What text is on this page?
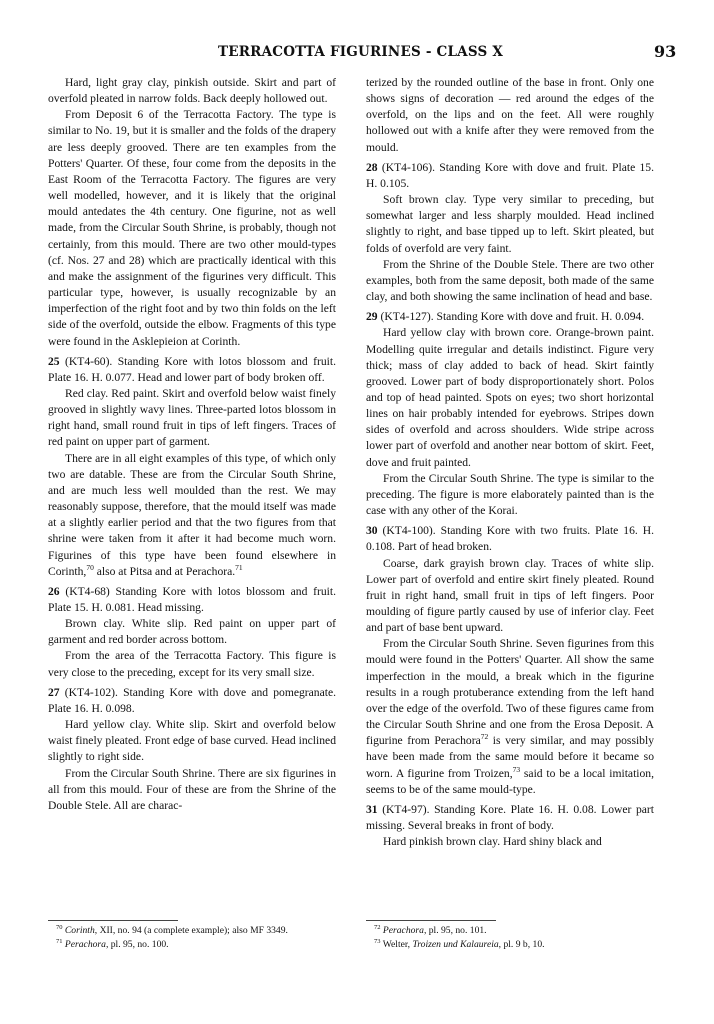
TERRACOTTA FIGURINES - CLASS X	93

Hard, light gray clay, pinkish outside. Skirt and part of overfold pleated in narrow folds. Back deeply hollowed out.

From Deposit 6 of the Terracotta Factory. The type is similar to No. 19, but it is smaller and the folds of the drapery are less deeply grooved. There are ten examples from the Potters' Quarter. Of these, four come from the deposits in the East Room of the Terracotta Factory. The figures are very well modelled, however, and it is likely that the original mould antedates the 4th century. One figurine, not as well made, from the Circular South Shrine, is probably, though not certainly, from this mould. There are two other mould-types (cf. Nos. 27 and 28) which are practically identical with this and make the assignment of the figurines very difficult. This particular type, however, is usually recognizable by an imperfection of the right foot and by two thin folds on the left side of the overfold, outside the elbow. Fragments of this type were found in the Asklepieion at Corinth.

25 (KT4-60). Standing Kore with lotos blossom and fruit. Plate 16. H. 0.077. Head and lower part of body broken off.

Red clay. Red paint. Skirt and overfold below waist finely grooved in slightly wavy lines. Three-parted lotos blossom in right hand, small round fruit in tips of left fingers. Traces of red paint on upper part of garment.

There are in all eight examples of this type, of which only two are datable. These are from the Circular South Shrine, and are much less well moulded than the rest. We may reasonably suppose, therefore, that the mould itself was made at a slightly earlier period and that the two figures from that shrine were taken from it after it had become much worn. Figurines of this type have been found elsewhere in Corinth,$^{70}$ also at Pitsa and at Perachora.$^{71}$

26 (KT4-68) Standing Kore with lotos blossom and fruit. Plate 15. H. 0.081. Head missing.

Brown clay. White slip. Red paint on upper part of garment and red border across bottom.

From the area of the Terracotta Factory. This figure is very close to the preceding, except for its very small size.

27 (KT4-102). Standing Kore with dove and pomegranate. Plate 16. H. 0.098.

Hard yellow clay. White slip. Skirt and overfold below waist finely pleated. Front edge of base curved. Head inclined slightly to right side.

From the Circular South Shrine. There are six figurines in all from this mould. Four of these are from the Shrine of the Double Stele. All are charac-

terized by the rounded outline of the base in front. Only one shows signs of decoration — red around the edges of the overfold, on the lips and on the feet. All were roughly hollowed out with a knife after they were removed from the mould.

28 (KT4-106). Standing Kore with dove and fruit. Plate 15. H. 0.105.

Soft brown clay. Type very similar to preceding, but somewhat larger and less sharply moulded. Head inclined slightly to right, and base tipped up to left. Skirt pleated, but folds of overfold are very faint.

From the Shrine of the Double Stele. There are two other examples, both from the same deposit, both made of the same clay, and both showing the same inclination of head and base.

29 (KT4-127). Standing Kore with dove and fruit. H. 0.094.

Hard yellow clay with brown core. Orange-brown paint. Modelling quite irregular and details indistinct. Figure very thick; mass of clay added to back of head. Skirt faintly grooved. Lower part of body disproportionately short. Polos and top of head painted. Spots on eyes; two short horizontal lines on hair probably intended for eyebrows. Stripes down sides of overfold and across shoulders. Wide stripe across lower part of overfold and another near bottom of skirt. Feet, dove and fruit painted.

From the Circular South Shrine. The type is similar to the preceding. The figure is more elaborately painted than is the case with any other of the Korai.

30 (KT4-100). Standing Kore with two fruits. Plate 16. H. 0.108. Part of head broken.

Coarse, dark grayish brown clay. Traces of white slip. Lower part of overfold and entire skirt finely pleated. Round fruit in right hand, small fruit in tips of left fingers. Poor moulding of figure partly caused by use of inferior clay. Feet and part of base bent upward.

From the Circular South Shrine. Seven figurines from this mould were found in the Potters' Quarter. All show the same imperfection in the mould, a break which in the figurine results in a rough protuberance extending from the left hand over the edge of the overfold. Two of these figures came from the Circular South Shrine and one from the Erosa Deposit. A figurine from Perachora$^{72}$ is very similar, and may possibly have been made from the same mould before it became so worn. A figurine from Troizen,$^{73}$ said to be a local imitation, seems to be of the same mould-type.

31 (KT4-97). Standing Kore. Plate 16. H. 0.08. Lower part missing. Several breaks in front of body.

Hard pinkish brown clay. Hard shiny black and

$^{70}$ Corinth, XII, no. 94 (a complete example); also MF 3349.

$^{71}$ Perachora, pl. 95, no. 100.

$^{72}$ Perachora, pl. 95, no. 101.

$^{73}$ Welter, Troizen und Kalaureia, pl. 9 b, 10.
